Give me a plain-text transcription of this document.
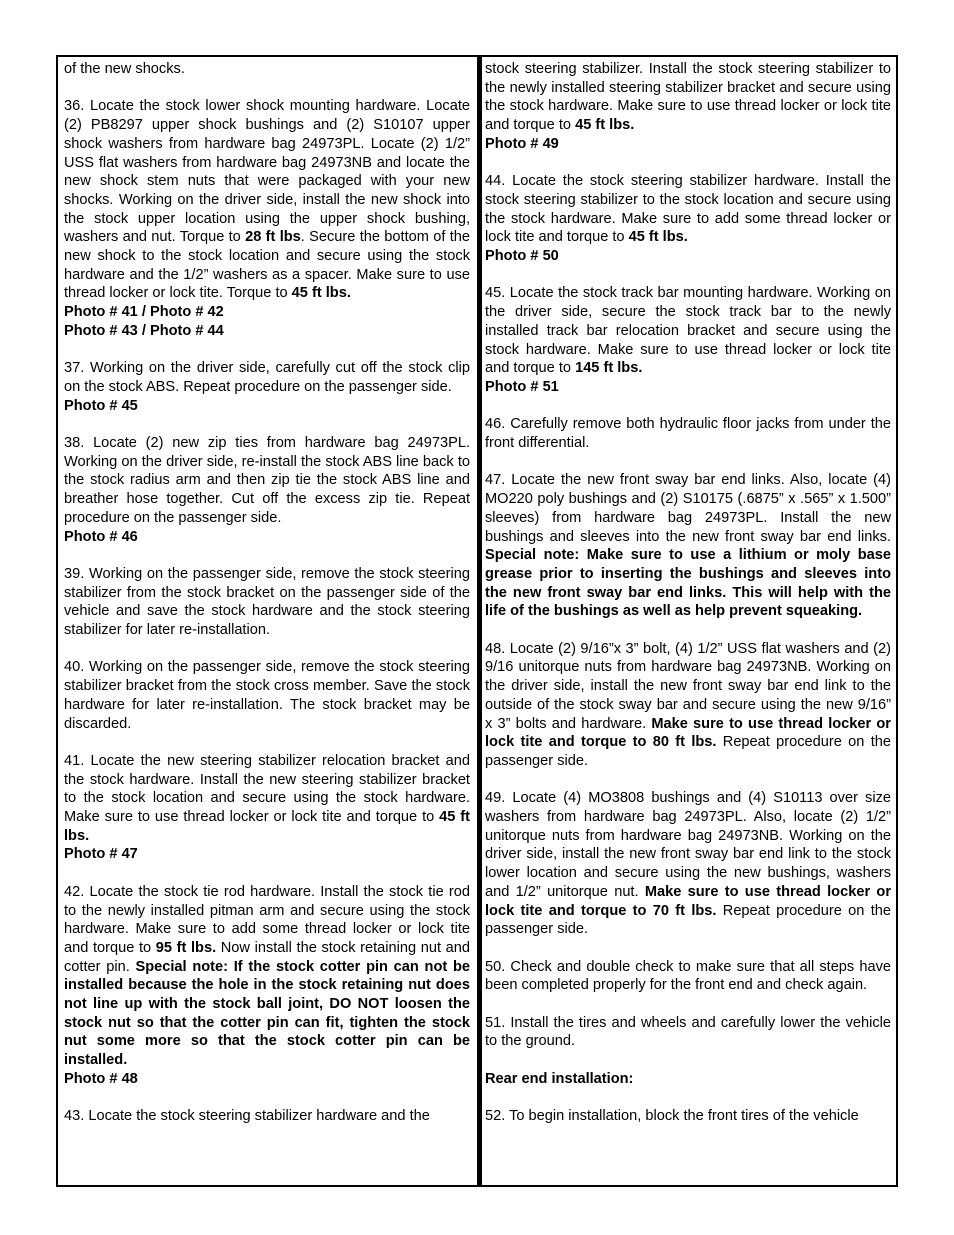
of the new shocks.

36. Locate the stock lower shock mounting hardware. Locate (2) PB8297 upper shock bushings and (2) S10107 upper shock washers from hardware bag 24973PL. Locate (2) 1/2” USS flat washers from hardware bag 24973NB and locate the new shock stem nuts that were packaged with your new shocks. Working on the driver side, install the new shock into the stock upper location using the upper shock bushing, washers and nut. Torque to 28 ft lbs. Secure the bottom of the new shock to the stock location and secure using the stock hardware and the 1/2” washers as a spacer. Make sure to use thread locker or lock tite. Torque to 45 ft lbs.

Photo # 41 / Photo # 42

Photo # 43 / Photo # 44

37. Working on the driver side, carefully cut off the stock clip on the stock ABS. Repeat procedure on the passenger side.

Photo # 45

38. Locate (2) new zip ties from hardware bag 24973PL. Working on the driver side, re-install the stock ABS line back to the stock radius arm and then zip tie the stock ABS line and breather hose together. Cut off the excess zip tie. Repeat procedure on the passenger side.

Photo # 46

39. Working on the passenger side, remove the stock steering stabilizer from the stock bracket on the passenger side of the vehicle and save the stock hardware and the stock steering stabilizer for later re-installation.

40. Working on the passenger side, remove the stock steering stabilizer bracket from the stock cross member. Save the stock hardware for later re-installation. The stock bracket may be discarded.

41. Locate the new steering stabilizer relocation bracket and the stock hardware. Install the new steering stabilizer bracket to the stock location and secure using the stock hardware. Make sure to use thread locker or lock tite and torque to 45 ft lbs.

Photo # 47

42. Locate the stock tie rod hardware. Install the stock tie rod to the newly installed pitman arm and secure using the stock hardware. Make sure to add some thread locker or lock tite and torque to 95 ft lbs. Now install the stock retaining nut and cotter pin. Special note: If the stock cotter pin can not be installed because the hole in the stock retaining nut does not line up with the stock ball joint, DO NOT loosen the stock nut so that the cotter pin can fit, tighten the stock nut some more so that the stock cotter pin can be installed.

Photo # 48

43. Locate the stock steering stabilizer hardware and the

stock steering stabilizer. Install the stock steering stabilizer to the newly installed steering stabilizer bracket and secure using the stock hardware. Make sure to use thread locker or lock tite and torque to 45 ft lbs.

Photo # 49

44. Locate the stock steering stabilizer hardware. Install the stock steering stabilizer to the stock location and secure using the stock hardware. Make sure to add some thread locker or lock tite and torque to 45 ft lbs.

Photo # 50

45. Locate the stock track bar mounting hardware. Working on the driver side, secure the stock track bar to the newly installed track bar relocation bracket and secure using the stock hardware. Make sure to use thread locker or lock tite and torque to 145 ft lbs.

Photo # 51

46. Carefully remove both hydraulic floor jacks from under the front differential.

47. Locate the new front sway bar end links. Also, locate (4) MO220 poly bushings and (2) S10175 (.6875” x .565” x 1.500” sleeves) from hardware bag 24973PL. Install the new bushings and sleeves into the new front sway bar end links. Special note: Make sure to use a lithium or moly base grease prior to inserting the bushings and sleeves into the new front sway bar end links. This will help with the life of the bushings as well as help prevent squeaking.

48. Locate (2) 9/16”x 3” bolt, (4) 1/2” USS flat washers and (2) 9/16 unitorque nuts from hardware bag 24973NB. Working on the driver side, install the new front sway bar end link to the outside of the stock sway bar and secure using the new 9/16” x 3” bolts and hardware. Make sure to use thread locker or lock tite and torque to 80 ft lbs. Repeat procedure on the passenger side.

49. Locate (4) MO3808 bushings and (4) S10113 over size washers from hardware bag 24973PL. Also, locate (2) 1/2” unitorque nuts from hardware bag 24973NB. Working on the driver side, install the new front sway bar end link to the stock lower location and secure using the new bushings, washers and 1/2” unitorque nut. Make sure to use thread locker or lock tite and torque to 70 ft lbs. Repeat procedure on the passenger side.

50. Check and double check to make sure that all steps have been completed properly for the front end and check again.

51. Install the tires and wheels and carefully lower the vehicle to the ground.

Rear end installation:

52. To begin installation, block the front tires of the vehicle
